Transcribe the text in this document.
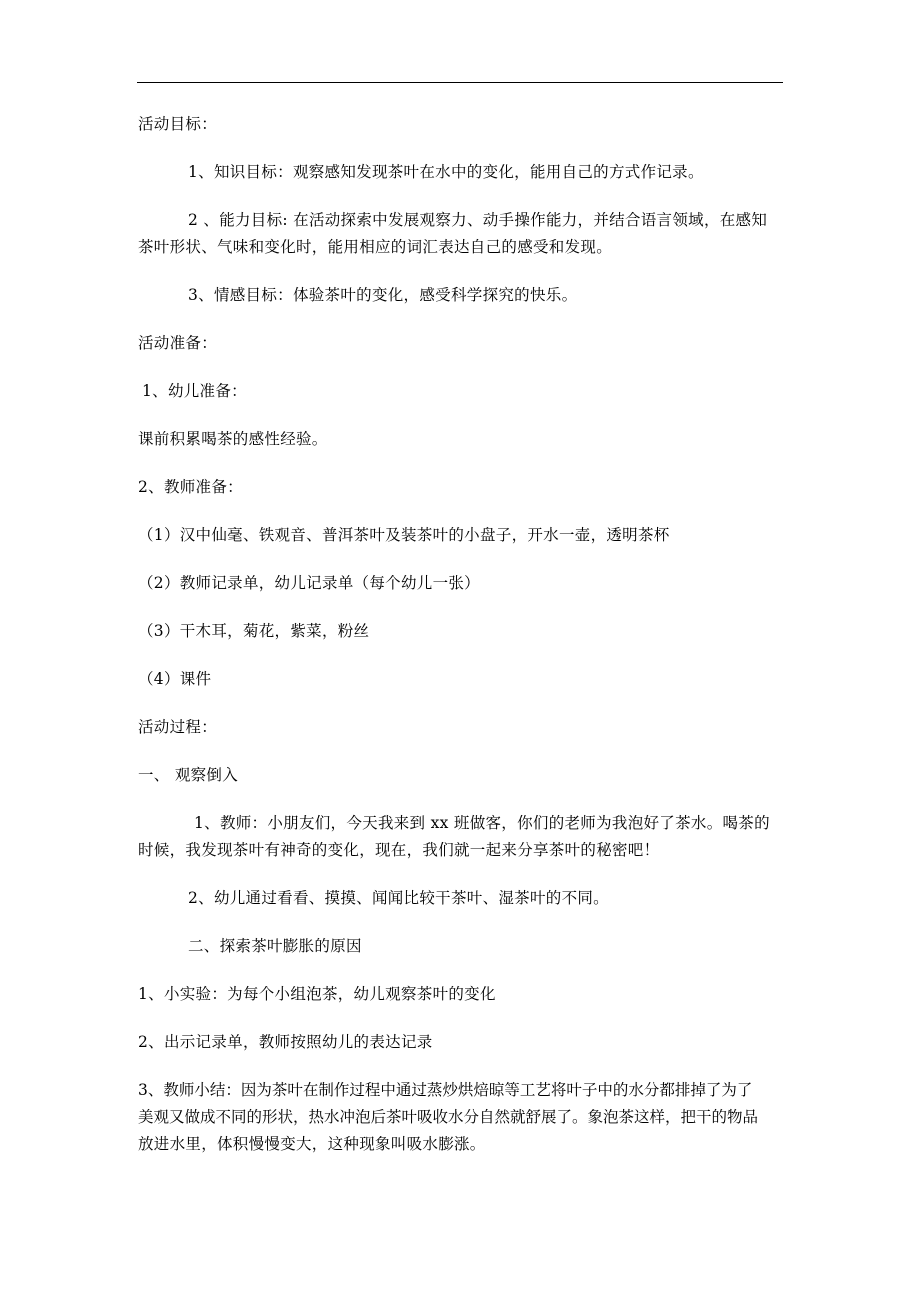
活动目标：
1、知识目标：观察感知发现茶叶在水中的变化，能用自己的方式作记录。
2 、能力目标: 在活动探索中发展观察力、动手操作能力，并结合语言领域，在感知
茶叶形状、气味和变化时，能用相应的词汇表达自己的感受和发现。
3、情感目标：体验茶叶的变化，感受科学探究的快乐。
活动准备：
1、幼儿准备：
课前积累喝茶的感性经验。
2、教师准备：
（1）汉中仙毫、铁观音、普洱茶叶及装茶叶的小盘子，开水一壶，透明茶杯
（2）教师记录单，幼儿记录单（每个幼儿一张）
（3）干木耳，菊花，紫菜，粉丝
（4）课件
活动过程：
一、 观察倒入
1、教师：小朋友们，今天我来到 xx 班做客，你们的老师为我泡好了茶水。喝茶的
时候，我发现茶叶有神奇的变化，现在，我们就一起来分享茶叶的秘密吧！
2、幼儿通过看看、摸摸、闻闻比较干茶叶、湿茶叶的不同。
二、探索茶叶膨胀的原因
1、小实验：为每个小组泡茶，幼儿观察茶叶的变化
2、出示记录单，教师按照幼儿的表达记录
3、教师小结：因为茶叶在制作过程中通过蒸炒烘焙晾等工艺将叶子中的水分都排掉了为了
美观又做成不同的形状，热水冲泡后茶叶吸收水分自然就舒展了。象泡茶这样，把干的物品
放进水里，体积慢慢变大，这种现象叫吸水膨涨。
